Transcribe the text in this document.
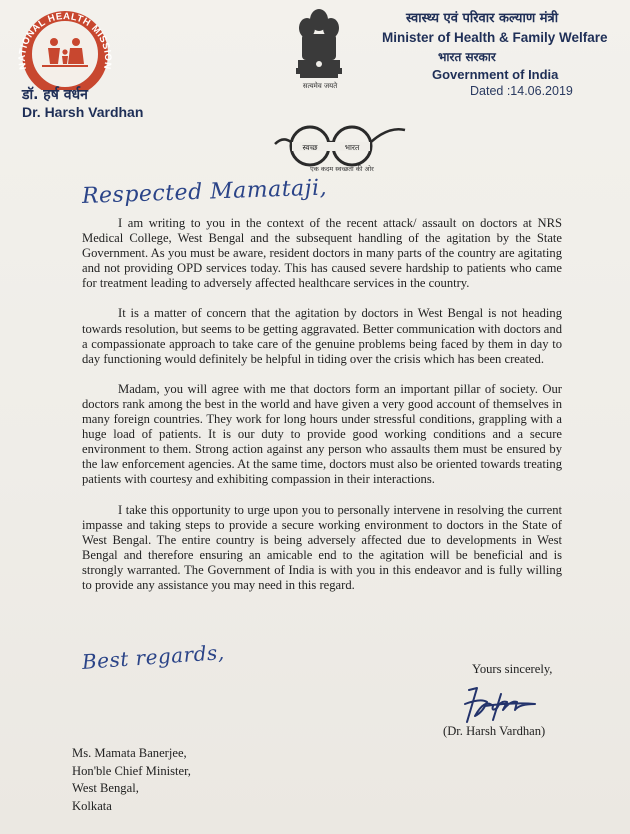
NATIONAL HEALTH MISSION
डॉ. हर्ष वर्धन
Dr. Harsh Vardhan
सत्यमेव जयते
स्वास्थ्य एवं परिवार कल्याण मंत्री
Minister of Health & Family Welfare
भारत सरकार
Government of India
Dated :14.06.2019
स्वच्छ	भारत
एक कदम स्वच्छता की ओर
Respected Mamataji,

I am writing to you in the context of the recent attack/ assault on doctors at NRS Medical College, West Bengal and the subsequent handling of the agitation by the State Government. As you must be aware, resident doctors in many parts of the country are agitating and not providing OPD services today. This has caused severe hardship to patients who came for treatment leading to adversely affected healthcare services in the country.

It is a matter of concern that the agitation by doctors in West Bengal is not heading towards resolution, but seems to be getting aggravated. Better communication with doctors and a compassionate approach to take care of the genuine problems being faced by them in day to day functioning would definitely be helpful in tiding over the crisis which has been created.

Madam, you will agree with me that doctors form an important pillar of society. Our doctors rank among the best in the world and have given a very good account of themselves in many foreign countries. They work for long hours under stressful conditions, grappling with a huge load of patients. It is our duty to provide good working conditions and a secure environment to them. Strong action against any person who assaults them must be ensured by the law enforcement agencies. At the same time, doctors must also be oriented towards treating patients with courtesy and exhibiting compassion in their interactions.

I take this opportunity to urge upon you to personally intervene in resolving the current impasse and taking steps to provide a secure working environment to doctors in the State of West Bengal. The entire country is being adversely affected due to developments in West Bengal and therefore ensuring an amicable end to the agitation will be beneficial and is strongly warranted. The Government of India is with you in this endeavor and is fully willing to provide any assistance you may need in this regard.

Best regards,	Yours sincerely,
(Dr. Harsh Vardhan)
Ms. Mamata Banerjee,
Hon'ble Chief Minister,
West Bengal,
Kolkata
